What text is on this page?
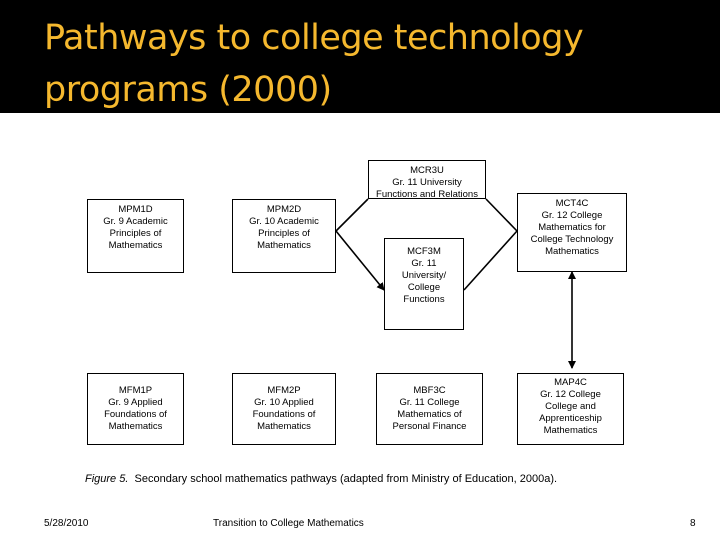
Pathways to college technology programs (2000)
MPM1D
Gr. 9 Academic
Principles of
Mathematics
MPM2D
Gr. 10 Academic
Principles of
Mathematics
MCR3U
Gr. 11 University
Functions and Relations
MCF3M
Gr. 11
University/
College
Functions
MCT4C
Gr. 12 College
Mathematics for
College Technology
Mathematics
MFM1P
Gr. 9 Applied
Foundations of
Mathematics
MFM2P
Gr. 10 Applied
Foundations of
Mathematics
MBF3C
Gr. 11 College
Mathematics of
Personal Finance
MAP4C
Gr. 12 College
College and
Apprenticeship
Mathematics
Figure 5. Secondary school mathematics pathways (adapted from Ministry of Education, 2000a).
5/28/2010	Transition to College Mathematics	8
